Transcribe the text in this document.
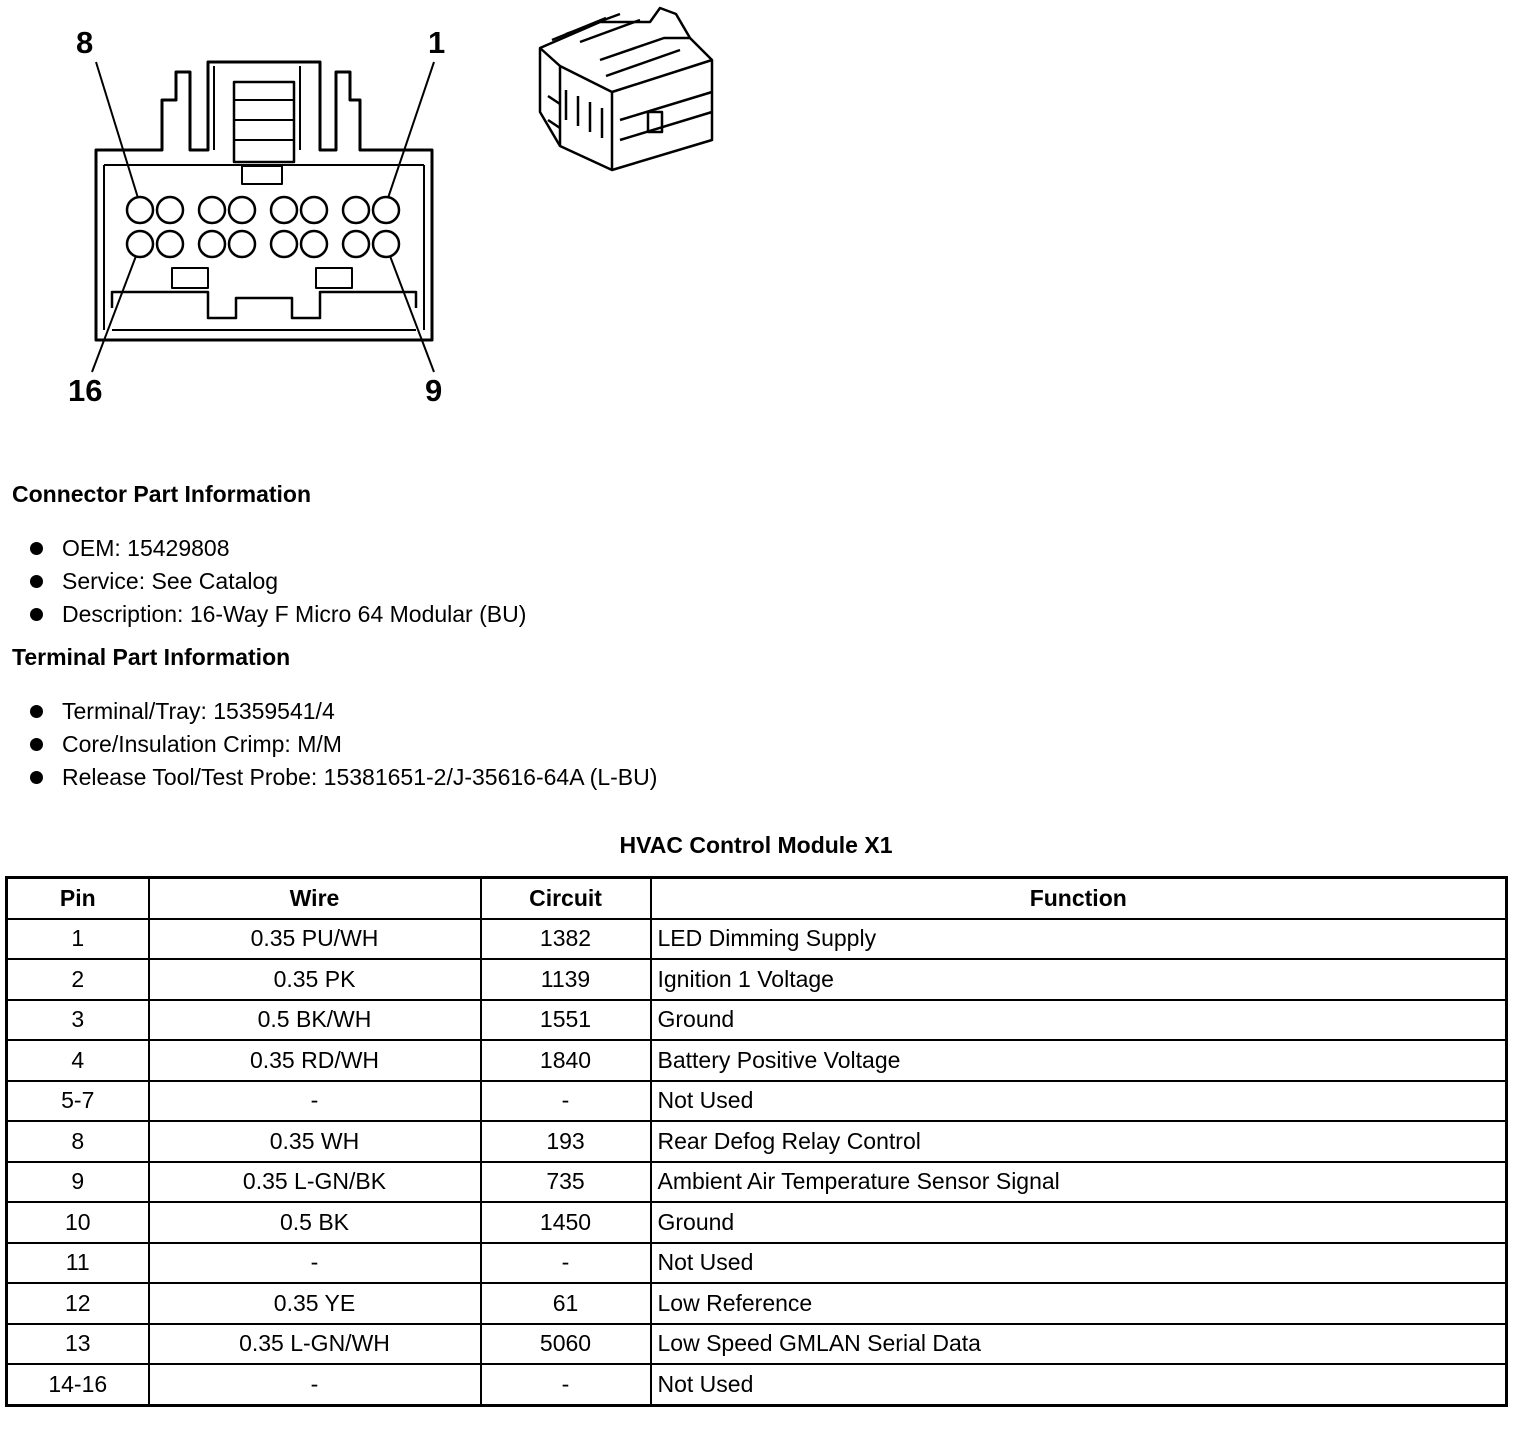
8	1
16	9
Connector Part Information
OEM: 15429808
Service: See Catalog
Description: 16-Way F Micro 64 Modular (BU)
Terminal Part Information
Terminal/Tray: 15359541/4
Core/Insulation Crimp: M/M
Release Tool/Test Probe: 15381651-2/J-35616-64A (L-BU)
HVAC Control Module X1
Pin	Wire	Circuit	Function
1	0.35 PU/WH	1382	LED Dimming Supply
2	0.35 PK	1139	Ignition 1 Voltage
3	0.5 BK/WH	1551	Ground
4	0.35 RD/WH	1840	Battery Positive Voltage
5-7	-	-	Not Used
8	0.35 WH	193	Rear Defog Relay Control
9	0.35 L-GN/BK	735	Ambient Air Temperature Sensor Signal
10	0.5 BK	1450	Ground
11	-	-	Not Used
12	0.35 YE	61	Low Reference
13	0.35 L-GN/WH	5060	Low Speed GMLAN Serial Data
14-16	-	-	Not Used
